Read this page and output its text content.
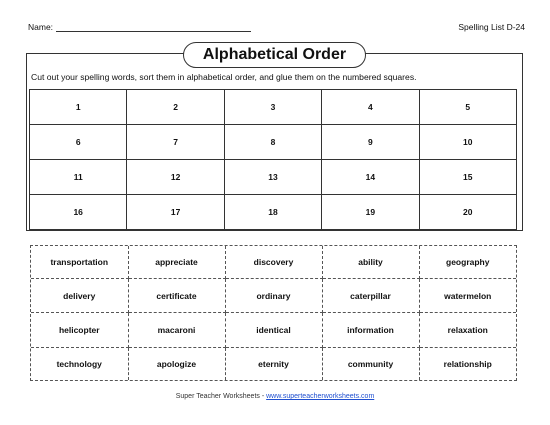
Name:	Spelling List D-24
Alphabetical Order
Cut out your spelling words, sort them in alphabetical order, and glue them on the numbered squares.
1	2	3	4	5
6	7	8	9	10
11	12	13	14	15
16	17	18	19	20
transportation	appreciate	discovery	ability	geography
delivery	certificate	ordinary	caterpillar	watermelon
helicopter	macaroni	identical	information	relaxation
technology	apologize	eternity	community	relationship
Super Teacher Worksheets - www.superteacherworksheets.com
